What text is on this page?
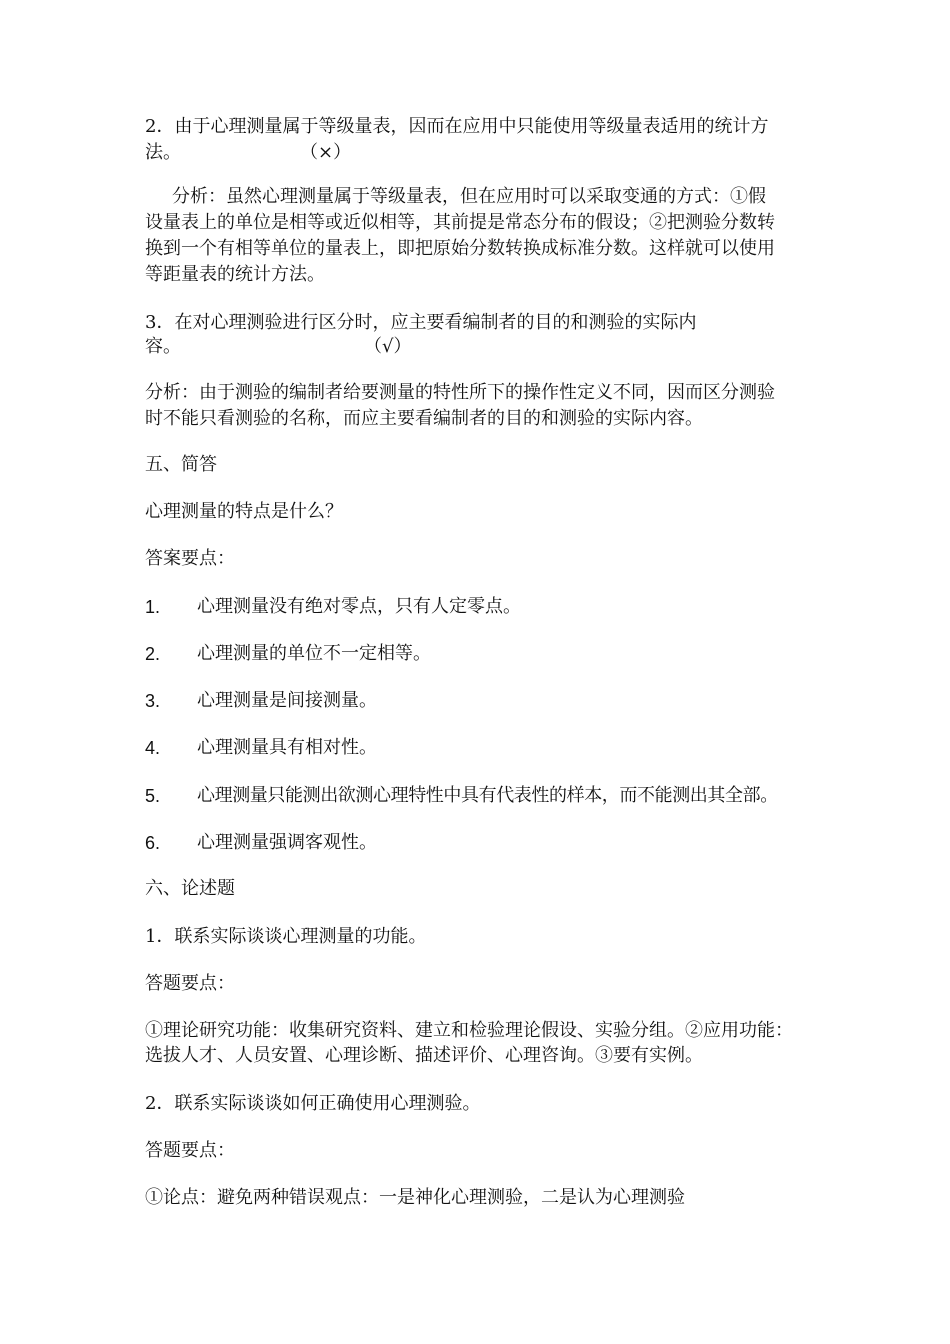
2．由于心理测量属于等级量表，因而在应用中只能使用等级量表适用的统计方
法。	（×）
分析：虽然心理测量属于等级量表，但在应用时可以采取变通的方式：①假
设量表上的单位是相等或近似相等，其前提是常态分布的假设；②把测验分数转
换到一个有相等单位的量表上，即把原始分数转换成标准分数。这样就可以使用
等距量表的统计方法。
3．在对心理测验进行区分时，应主要看编制者的目的和测验的实际内
容。	（√）
分析：由于测验的编制者给要测量的特性所下的操作性定义不同，因而区分测验
时不能只看测验的名称，而应主要看编制者的目的和测验的实际内容。
五、简答
心理测量的特点是什么？
答案要点：
1. 心理测量没有绝对零点，只有人定零点。
2. 心理测量的单位不一定相等。
3. 心理测量是间接测量。
4. 心理测量具有相对性。
5. 心理测量只能测出欲测心理特性中具有代表性的样本，而不能测出其全部。
6. 心理测量强调客观性。
六、论述题
1．联系实际谈谈心理测量的功能。
答题要点：
①理论研究功能：收集研究资料、建立和检验理论假设、实验分组。②应用功能：
选拔人才、人员安置、心理诊断、描述评价、心理咨询。③要有实例。
2．联系实际谈谈如何正确使用心理测验。
答题要点：
①论点：避免两种错误观点：一是神化心理测验，二是认为心理测验
